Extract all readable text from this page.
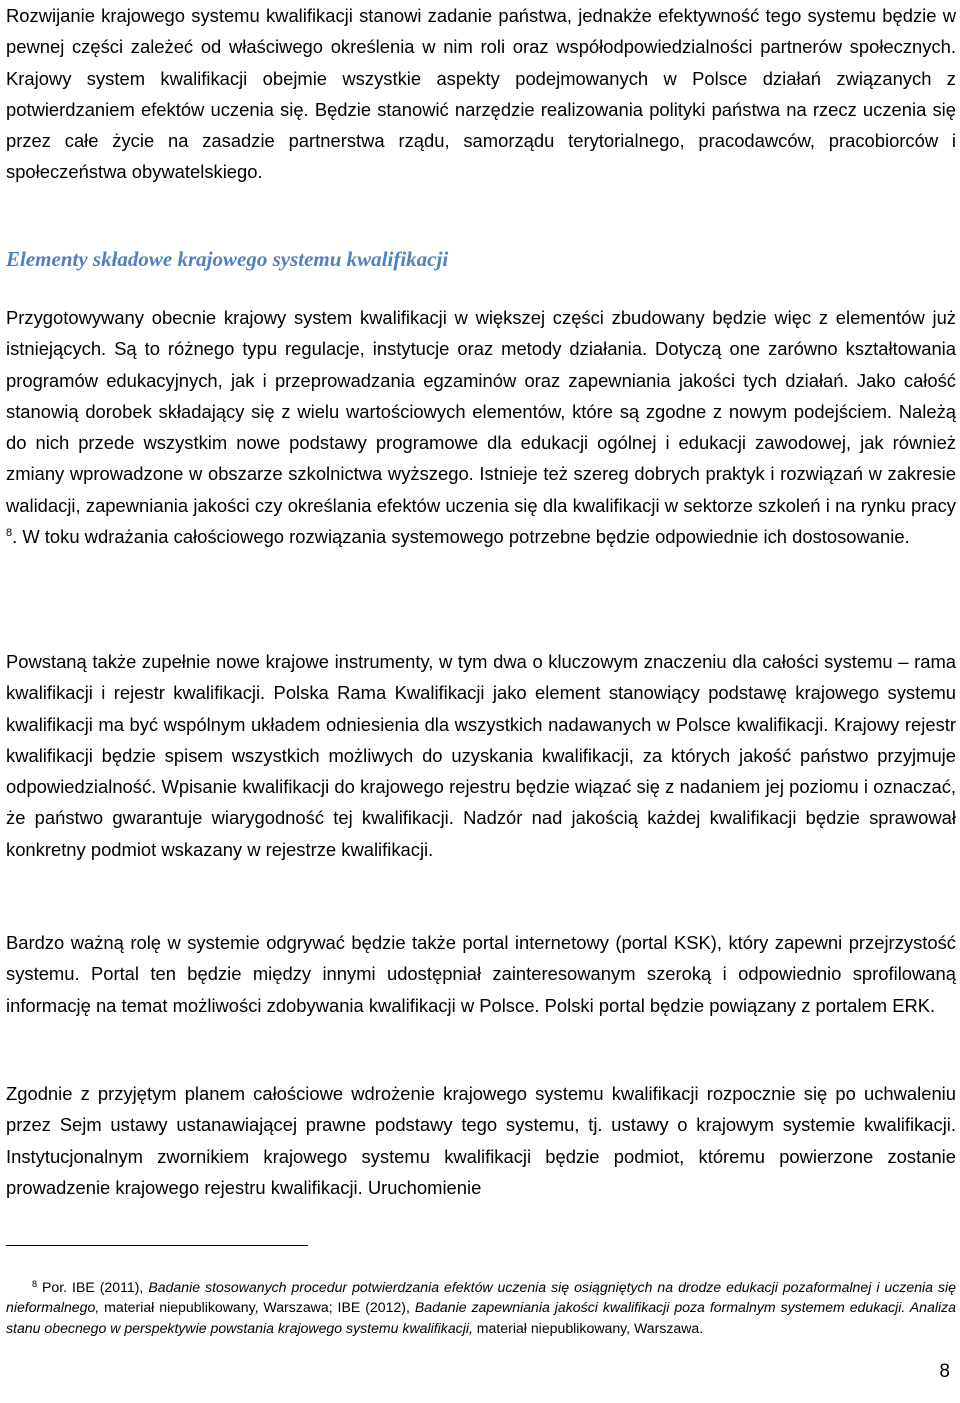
Rozwijanie krajowego systemu kwalifikacji stanowi zadanie państwa, jednakże efektywność tego systemu będzie w pewnej części zależeć od właściwego określenia w nim roli oraz współodpowiedzialności partnerów społecznych. Krajowy system kwalifikacji obejmie wszystkie aspekty podejmowanych w Polsce działań związanych z potwierdzaniem efektów uczenia się. Będzie stanowić narzędzie realizowania polityki państwa na rzecz uczenia się przez całe życie na zasadzie partnerstwa rządu, samorządu terytorialnego, pracodawców, pracobiorców i społeczeństwa obywatelskiego.

Elementy składowe krajowego systemu kwalifikacji

Przygotowywany obecnie krajowy system kwalifikacji w większej części zbudowany będzie więc z elementów już istniejących. Są to różnego typu regulacje, instytucje oraz metody działania. Dotyczą one zarówno kształtowania programów edukacyjnych, jak i przeprowadzania egzaminów oraz zapewniania jakości tych działań. Jako całość stanowią dorobek składający się z wielu wartościowych elementów, które są zgodne z nowym podejściem. Należą do nich przede wszystkim nowe podstawy programowe dla edukacji ogólnej i edukacji zawodowej, jak również zmiany wprowadzone w obszarze szkolnictwa wyższego. Istnieje też szereg dobrych praktyk i rozwiązań w zakresie walidacji, zapewniania jakości czy określania efektów uczenia się dla kwalifikacji w sektorze szkoleń i na rynku pracy $^8$. W toku wdrażania całościowego rozwiązania systemowego potrzebne będzie odpowiednie ich dostosowanie.

Powstaną także zupełnie nowe krajowe instrumenty, w tym dwa o kluczowym znaczeniu dla całości systemu – rama kwalifikacji i rejestr kwalifikacji. Polska Rama Kwalifikacji jako element stanowiący podstawę krajowego systemu kwalifikacji ma być wspólnym układem odniesienia dla wszystkich nadawanych w Polsce kwalifikacji. Krajowy rejestr kwalifikacji będzie spisem wszystkich możliwych do uzyskania kwalifikacji, za których jakość państwo przyjmuje odpowiedzialność. Wpisanie kwalifikacji do krajowego rejestru będzie wiązać się z nadaniem jej poziomu i oznaczać, że państwo gwarantuje wiarygodność tej kwalifikacji. Nadzór nad jakością każdej kwalifikacji będzie sprawował konkretny podmiot wskazany w rejestrze kwalifikacji.

Bardzo ważną rolę w systemie odgrywać będzie także portal internetowy (portal KSK), który zapewni przejrzystość systemu. Portal ten będzie między innymi udostępniał zainteresowanym szeroką i odpowiednio sprofilowaną informację na temat możliwości zdobywania kwalifikacji w Polsce. Polski portal będzie powiązany z portalem ERK.

Zgodnie z przyjętym planem całościowe wdrożenie krajowego systemu kwalifikacji rozpocznie się po uchwaleniu przez Sejm ustawy ustanawiającej prawne podstawy tego systemu, tj. ustawy o krajowym systemie kwalifikacji. Instytucjonalnym zwornikiem krajowego systemu kwalifikacji będzie podmiot, któremu powierzone zostanie prowadzenie krajowego rejestru kwalifikacji. Uruchomienie

$^8$ Por. IBE (2011), Badanie stosowanych procedur potwierdzania efektów uczenia się osiągniętych na drodze edukacji pozaformalnej i uczenia się nieformalnego, materiał niepublikowany, Warszawa; IBE (2012), Badanie zapewniania jakości kwalifikacji poza formalnym systemem edukacji. Analiza stanu obecnego w perspektywie powstania krajowego systemu kwalifikacji, materiał niepublikowany, Warszawa.

8
